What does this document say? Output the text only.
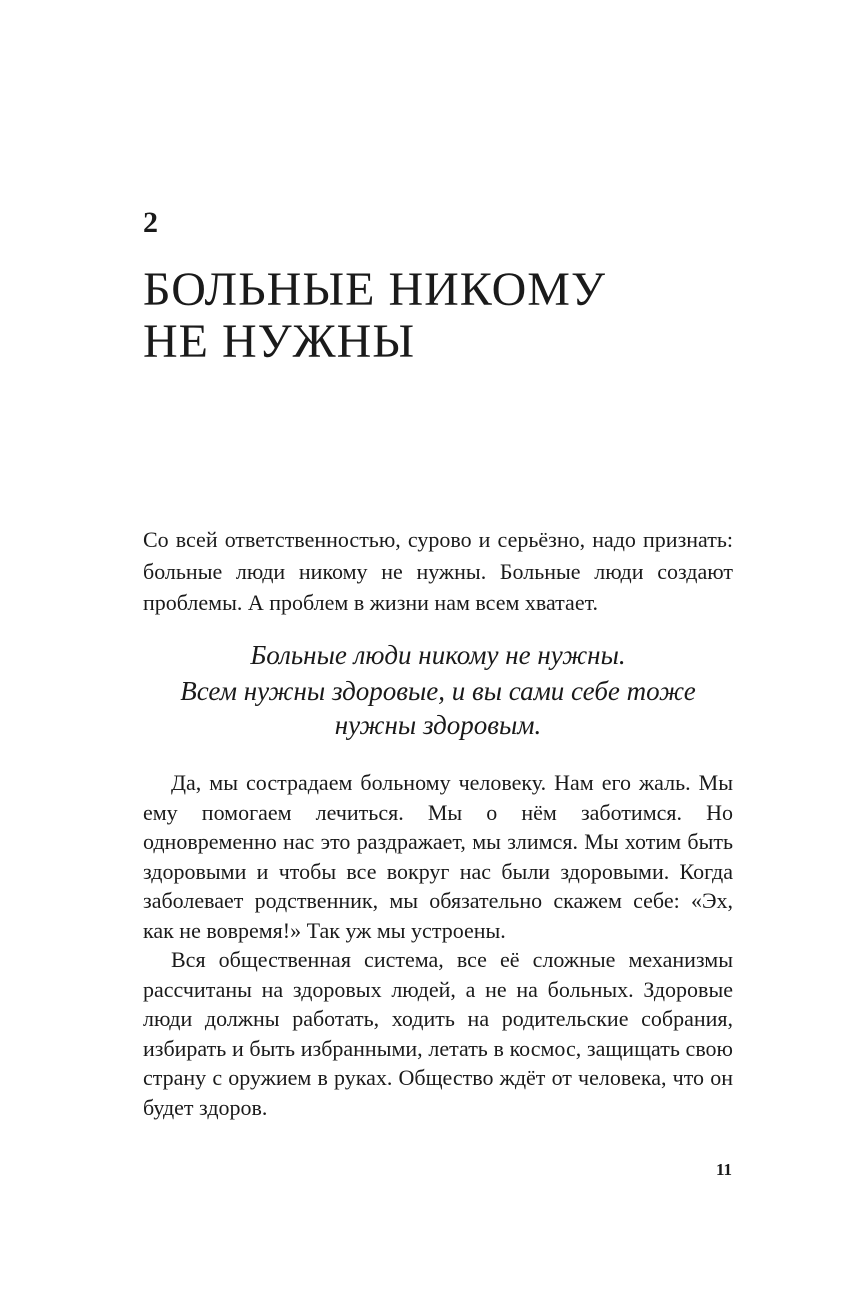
2
БОЛЬНЫЕ НИКОМУ
НЕ НУЖНЫ

Со всей ответственностью, сурово и серьёзно, надо признать: больные люди никому не нужны. Больные люди создают проблемы. А проблем в жизни нам всем хватает.

Больные люди никому не нужны.

Всем нужны здоровые, и вы сами себе тоже нужны здоровым.

Да, мы сострадаем больному человеку. Нам его жаль. Мы ему помогаем лечиться. Мы о нём заботимся. Но одновременно нас это раздражает, мы злимся. Мы хотим быть здоровыми и чтобы все вокруг нас были здоровыми. Когда заболевает родственник, мы обязательно скажем себе: «Эх, как не вовремя!» Так уж мы устроены.

Вся общественная система, все её сложные механизмы рассчитаны на здоровых людей, а не на больных. Здоровые люди должны работать, ходить на родительские собрания, избирать и быть избранными, летать в космос, защищать свою страну с оружием в руках. Общество ждёт от человека, что он будет здоров.

11
